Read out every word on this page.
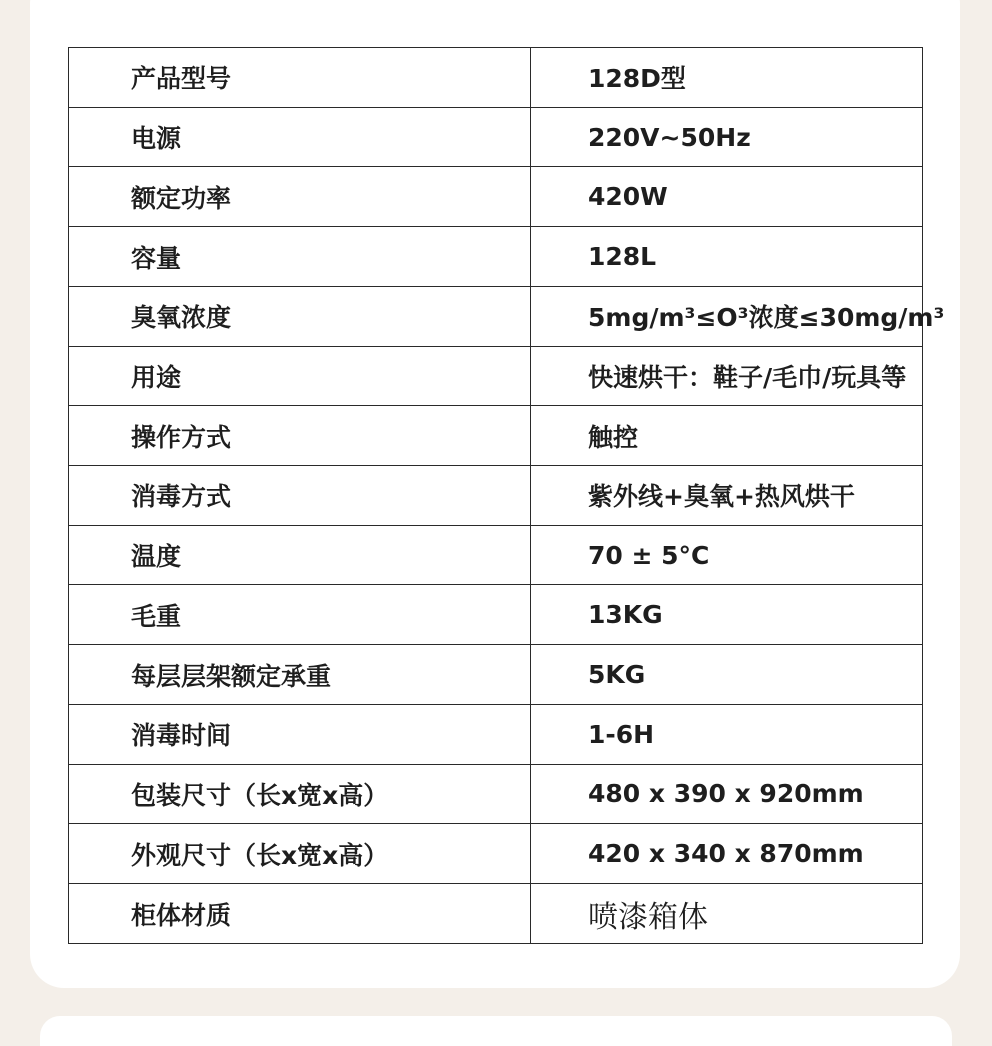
产品型号	128D型
电源	220V~50Hz
额定功率	420W
容量	128L
臭氧浓度	5mg/m³≤O³浓度≤30mg/m³
用途	快速烘干：鞋子/毛巾/玩具等
操作方式	触控
消毒方式	紫外线+臭氧+热风烘干
温度	70 ± 5°C
毛重	13KG
每层层架额定承重	5KG
消毒时间	1-6H
包装尺寸（长x宽x高）	480 x 390 x 920mm
外观尺寸（长x宽x高）	420 x 340 x 870mm
柜体材质	喷漆箱体
